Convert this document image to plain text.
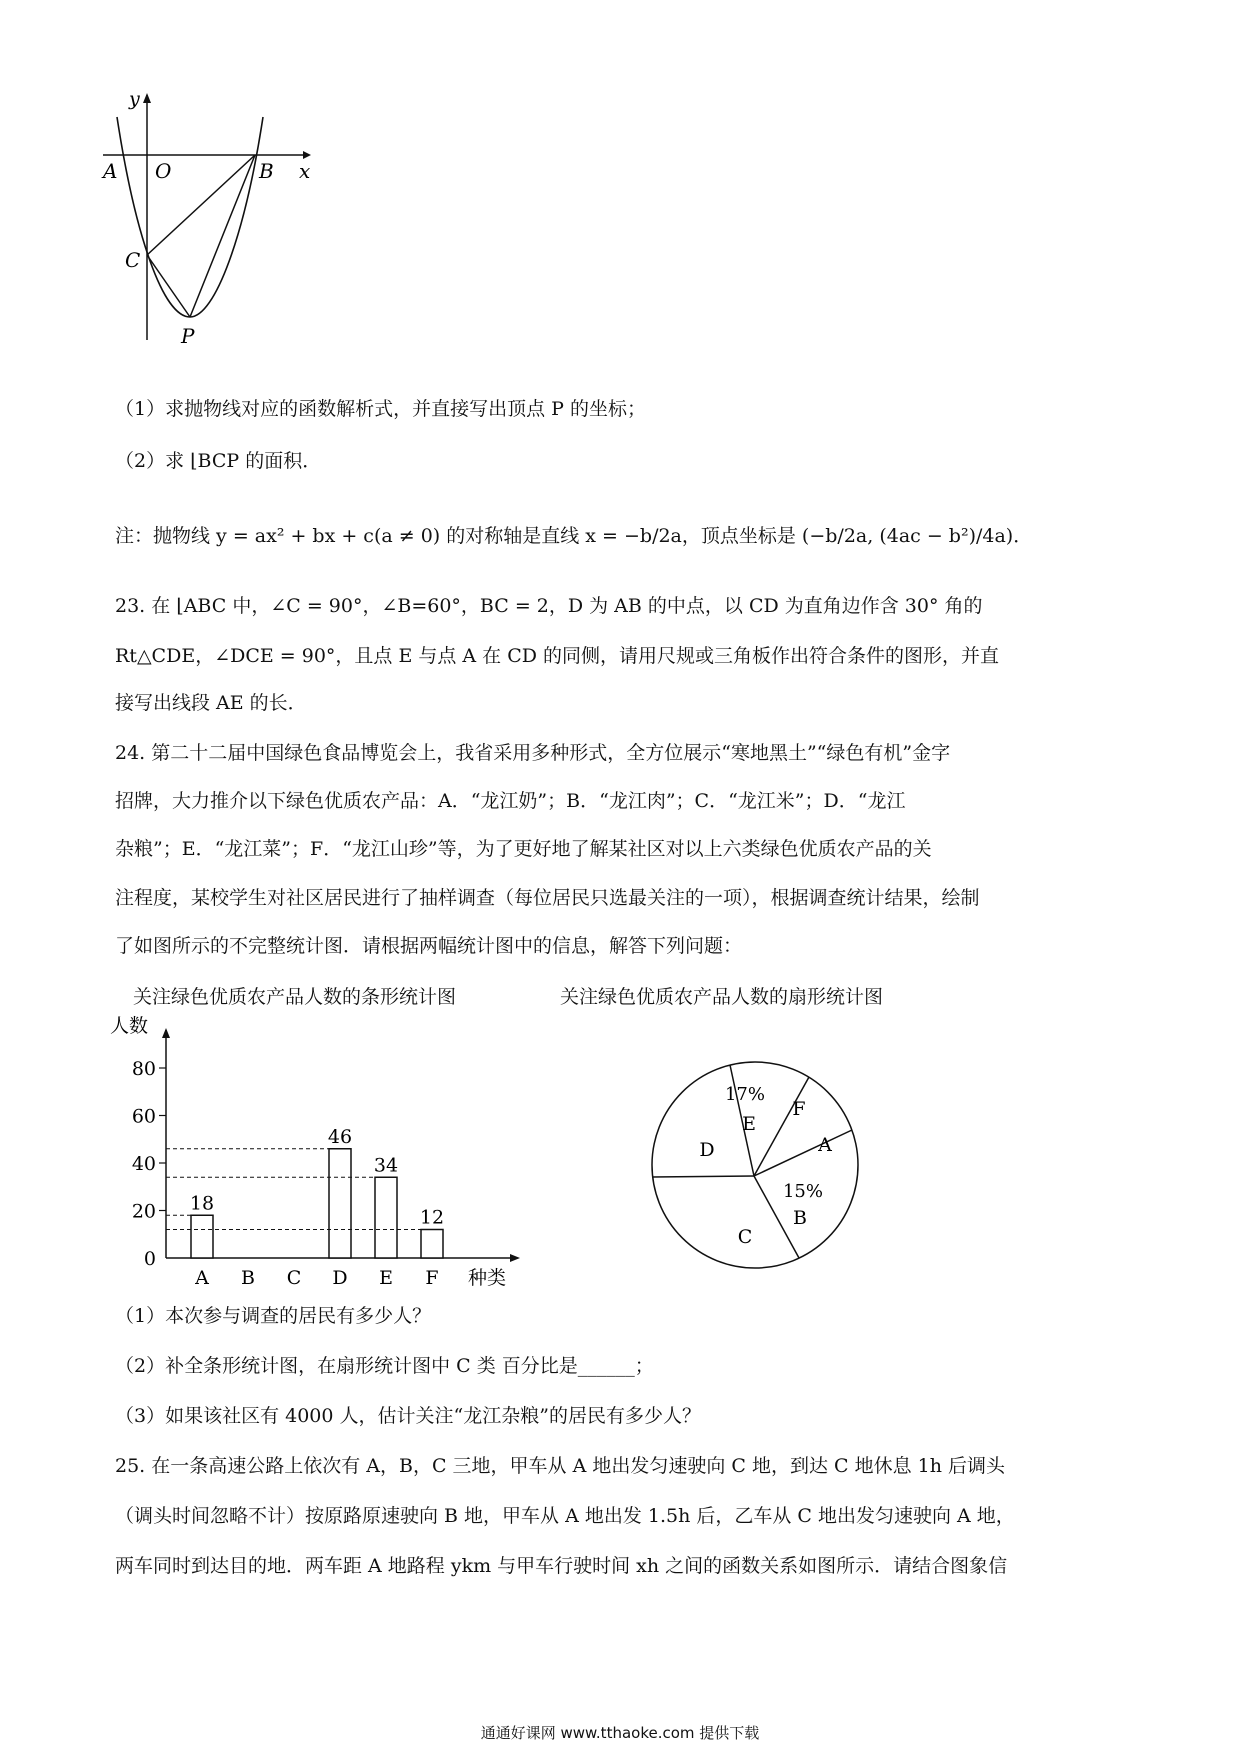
y
A O	B x
C
P
（1）求抛物线对应的函数解析式，并直接写出顶点 P 的坐标；
（2）求 ⌊BCP 的面积．
注：抛物线 y = ax² + bx + c(a ≠ 0) 的对称轴是直线 x = −b/2a，顶点坐标是 (−b/2a, (4ac − b²)/4a)．
23. 在 ⌊ABC 中，∠C = 90°，∠B=60°，BC = 2，D 为 AB 的中点，以 CD 为直角边作含 30° 角的
Rt△CDE，∠DCE = 90°，且点 E 与点 A 在 CD 的同侧，请用尺规或三角板作出符合条件的图形，并直
接写出线段 AE 的长．
24. 第二十二届中国绿色食品博览会上，我省采用多种形式，全方位展示“寒地黑土”“绿色有机”金字
招牌，大力推介以下绿色优质农产品：A．“龙江奶”；B．“龙江肉”；C．“龙江米”；D．“龙江
杂粮”；E．“龙江菜”；F．“龙江山珍”等，为了更好地了解某社区对以上六类绿色优质农产品的关
注程度，某校学生对社区居民进行了抽样调查（每位居民只选最关注的一项），根据调查统计结果，绘制
了如图所示的不完整统计图．请根据两幅统计图中的信息，解答下列问题：
关注绿色优质农产品人数的条形统计图	关注绿色优质农产品人数的扇形统计图
人数
种类
0
20
40
60
80
A
18
B C D
46
E
34
F
12
A
B
C
D
E
F
17%
15%
（1）本次参与调查的居民有多少人？
（2）补全条形统计图，在扇形统计图中 C 类 百分比是______；
（3）如果该社区有 4000 人，估计关注“龙江杂粮”的居民有多少人？
25. 在一条高速公路上依次有 A，B，C 三地，甲车从 A 地出发匀速驶向 C 地，到达 C 地休息 1h 后调头
（调头时间忽略不计）按原路原速驶向 B 地，甲车从 A 地出发 1.5h 后，乙车从 C 地出发匀速驶向 A 地，
两车同时到达目的地．两车距 A 地路程 ykm 与甲车行驶时间 xh 之间的函数关系如图所示．请结合图象信
通通好课网 www.tthaoke.com 提供下载
